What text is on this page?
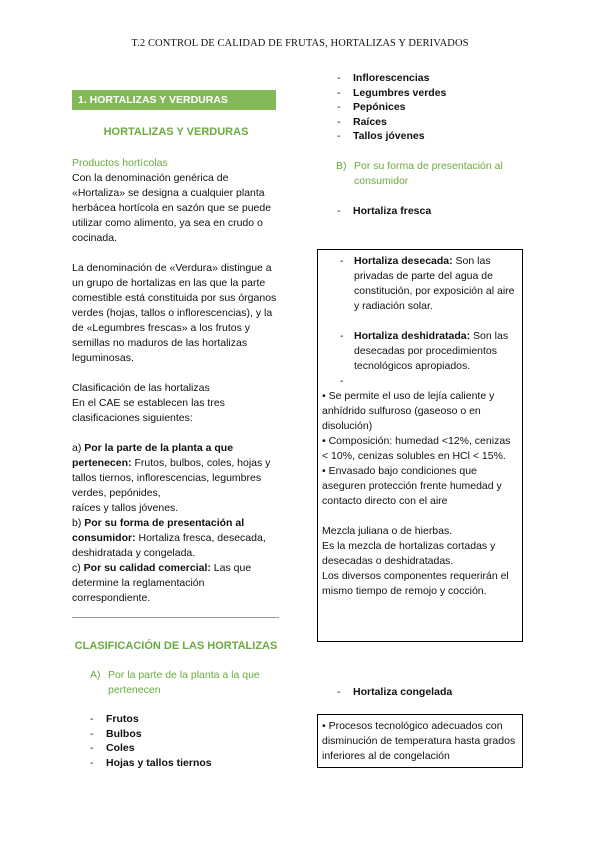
T.2 CONTROL DE CALIDAD DE FRUTAS, HORTALIZAS Y DERIVADOS
1. HORTALIZAS Y VERDURAS
HORTALIZAS Y VERDURAS

Productos hortícolas

Con la denominación genérica de «Hortaliza» se designa a cualquier planta herbácea hortícola en sazón que se puede utilizar como alimento, ya sea en crudo o cocinada.

La denominación de «Verdura» distingue a un grupo de hortalizas en las que la parte comestible está constituida por sus órganos verdes (hojas, tallos o inflorescencias), y la de «Legumbres frescas» a los frutos y semillas no maduros de las hortalizas leguminosas.

Clasificación de las hortalizas

En el CAE se establecen las tres clasificaciones siguientes:

a) Por la parte de la planta a que pertenecen: Frutos, bulbos, coles, hojas y tallos tiernos, inflorescencias, legumbres verdes, pepónides,

raíces y tallos jóvenes.

b) Por su forma de presentación al consumidor: Hortaliza fresca, desecada, deshidratada y congelada.

c) Por su calidad comercial: Las que determine la reglamentación correspondiente.

CLASIFICACIÓN DE LAS HORTALIZAS
A) Por la parte de la planta a la que pertenecen
- Frutos
- Bulbos
- Coles
- Hojas y tallos tiernos
- Inflorescencias
- Legumbres verdes
- Pepónices
- Raíces
- Tallos jóvenes
B) Por su forma de presentación al consumidor
- Hortaliza fresca
- Hortaliza desecada: Son las privadas de parte del agua de constitución, por exposición al aire y radiación solar.

- Hortaliza deshidratada: Son las desecadas por procedimientos tecnológicos apropiados.

-

• Se permite el uso de lejía caliente y anhídrido sulfuroso (gaseoso o en disolución)

• Composición: humedad <12%, cenizas < 10%, cenizas solubles en HCl < 15%.

• Envasado bajo condiciones que aseguren protección frente humedad y contacto directo con el aire

Mezcla juliana o de hierbas.

Es la mezcla de hortalizas cortadas y desecadas o deshidratadas.

Los diversos componentes requerirán el mismo tiempo de remojo y cocción.

- Hortaliza congelada

• Procesos tecnológico adecuados con disminución de temperatura hasta grados inferiores al de congelación
